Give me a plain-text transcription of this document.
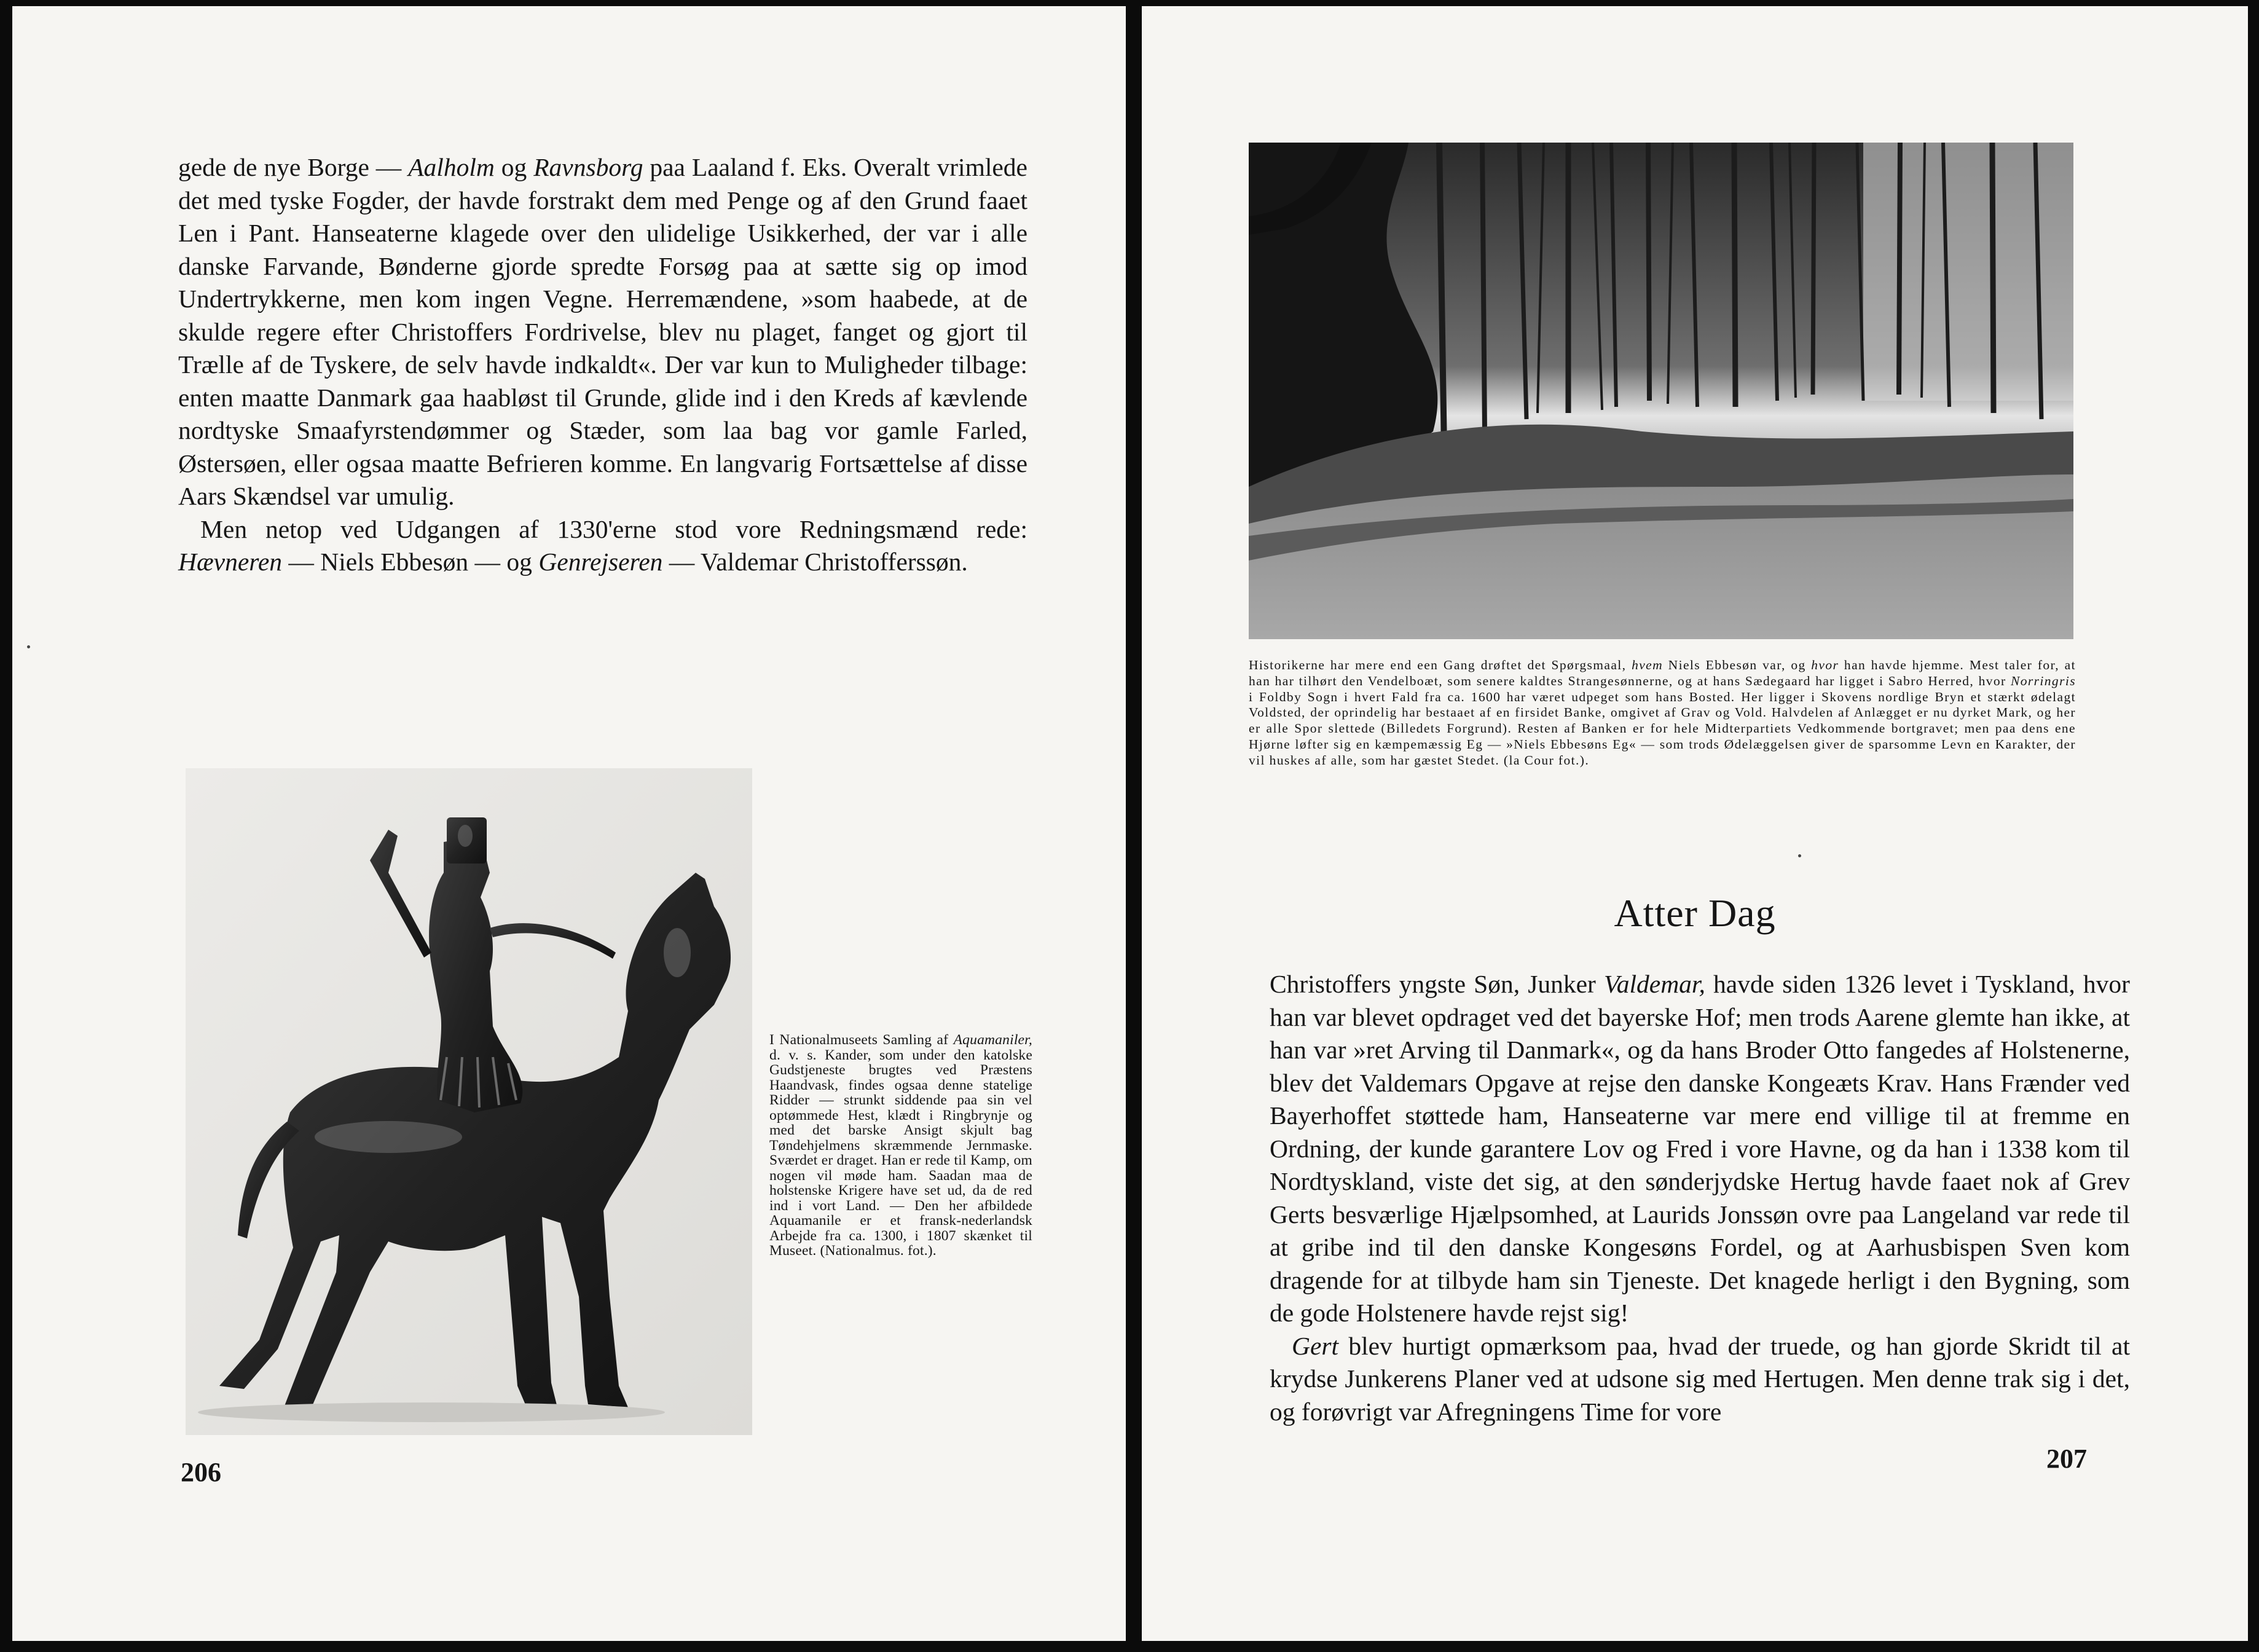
gede de nye Borge — Aalholm og Ravnsborg paa Laaland f. Eks. Overalt vrimlede det med tyske Fogder, der havde forstrakt dem med Penge og af den Grund faaet Len i Pant. Hanseaterne klagede over den ulidelige Usikkerhed, der var i alle danske Farvande, Bønderne gjorde spredte Forsøg paa at sætte sig op imod Undertrykkerne, men kom ingen Vegne. Herremændene, »som haabede, at de skulde regere efter Christoffers Fordrivelse, blev nu plaget, fanget og gjort til Trælle af de Tyskere, de selv havde indkaldt«. Der var kun to Muligheder tilbage: enten maatte Danmark gaa haabløst til Grunde, glide ind i den Kreds af kævlende nordtyske Smaafyrstendømmer og Stæder, som laa bag vor gamle Farled, Østersøen, eller ogsaa maatte Befrieren komme. En langvarig Fortsættelse af disse Aars Skændsel var umulig.

Men netop ved Udgangen af 1330'erne stod vore Redningsmænd rede: Hævneren — Niels Ebbesøn — og Genrejseren — Valdemar Christofferssøn.

I Nationalmuseets Samling af Aquamaniler, d. v. s. Kander, som under den katolske Gudstjeneste brugtes ved Præstens Haandvask, findes ogsaa denne statelige Ridder — strunkt siddende paa sin vel optømmede Hest, klædt i Ringbrynje og med det barske Ansigt skjult bag Tøndehjelmens skræmmende Jernmaske. Sværdet er draget. Han er rede til Kamp, om nogen vil møde ham. Saadan maa de holstenske Krigere have set ud, da de red ind i vort Land. — Den her afbildede Aquamanile er et fransk-nederlandsk Arbejde fra ca. 1300, i 1807 skænket til Museet. (Nationalmus. fot.).

206

Historikerne har mere end een Gang drøftet det Spørgsmaal, hvem Niels Ebbesøn var, og hvor han havde hjemme. Mest taler for, at han har tilhørt den Vendelboæt, som senere kaldtes Strangesønnerne, og at hans Sædegaard har ligget i Sabro Herred, hvor Norringris i Foldby Sogn i hvert Fald fra ca. 1600 har været udpeget som hans Bosted. Her ligger i Skovens nordlige Bryn et stærkt ødelagt Voldsted, der oprindelig har bestaaet af en firsidet Banke, omgivet af Grav og Vold. Halvdelen af Anlægget er nu dyrket Mark, og her er alle Spor slettede (Billedets Forgrund). Resten af Banken er for hele Midterpartiets Vedkommende bortgravet; men paa dens ene Hjørne løfter sig en kæmpemæssig Eg — »Niels Ebbesøns Eg« — som trods Ødelæggelsen giver de sparsomme Levn en Karakter, der vil huskes af alle, som har gæstet Stedet. (la Cour fot.).

Atter Dag

Christoffers yngste Søn, Junker Valdemar, havde siden 1326 levet i Tyskland, hvor han var blevet opdraget ved det bayerske Hof; men trods Aarene glemte han ikke, at han var »ret Arving til Danmark«, og da hans Broder Otto fangedes af Holstenerne, blev det Valdemars Opgave at rejse den danske Kongeæts Krav. Hans Frænder ved Bayerhoffet støttede ham, Hanseaterne var mere end villige til at fremme en Ordning, der kunde garantere Lov og Fred i vore Havne, og da han i 1338 kom til Nordtyskland, viste det sig, at den sønderjydske Hertug havde faaet nok af Grev Gerts besværlige Hjælpsomhed, at Laurids Jonssøn ovre paa Langeland var rede til at gribe ind til den danske Kongesøns Fordel, og at Aarhusbispen Sven kom dragende for at tilbyde ham sin Tjeneste. Det knagede herligt i den Bygning, som de gode Holstenere havde rejst sig!

Gert blev hurtigt opmærksom paa, hvad der truede, og han gjorde Skridt til at krydse Junkerens Planer ved at udsone sig med Hertugen. Men denne trak sig i det, og forøvrigt var Afregningens Time for vore

207
